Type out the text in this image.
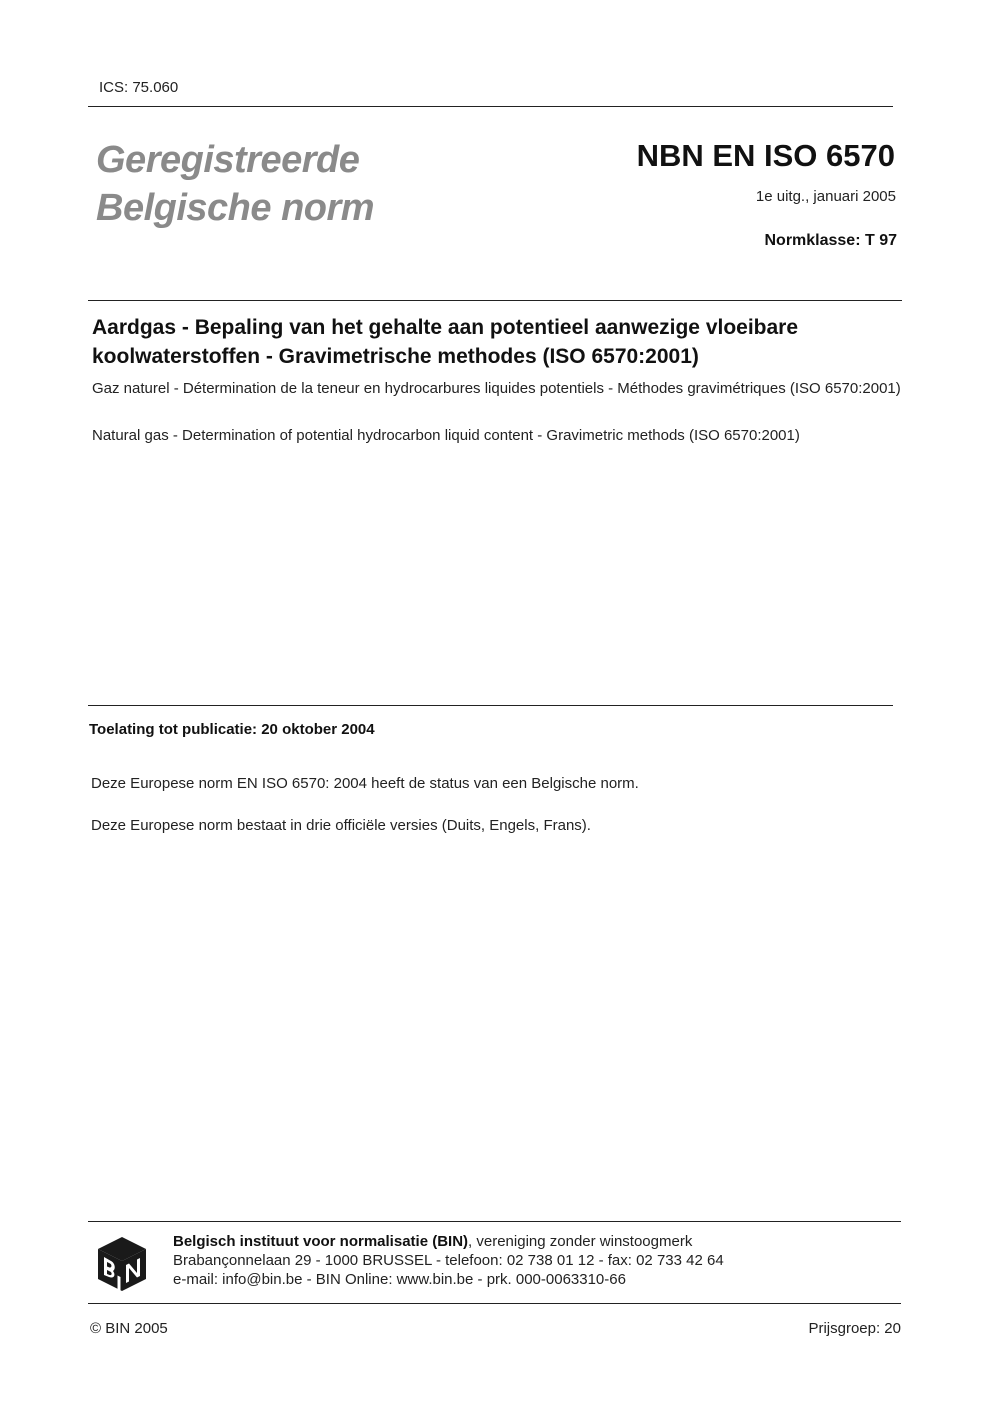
ICS: 75.060
Geregistreerde
Belgische norm
NBN EN ISO 6570
1e uitg., januari 2005
Normklasse: T 97
Aardgas - Bepaling van het gehalte aan potentieel aanwezige vloeibare koolwaterstoffen - Gravimetrische methodes (ISO 6570:2001)
Gaz naturel - Détermination de la teneur en hydrocarbures liquides potentiels - Méthodes gravimétriques (ISO 6570:2001)
Natural gas - Determination of potential hydrocarbon liquid content - Gravimetric methods (ISO 6570:2001)
Toelating tot publicatie: 20 oktober 2004
Deze Europese norm EN ISO 6570: 2004 heeft de status van een Belgische norm.
Deze Europese norm bestaat in drie officiële versies (Duits, Engels, Frans).
Belgisch instituut voor normalisatie (BIN), vereniging zonder winstoogmerk
Brabançonnelaan 29 - 1000 BRUSSEL - telefoon: 02 738 01 12 - fax: 02 733 42 64
e-mail: info@bin.be - BIN Online: www.bin.be - prk. 000-0063310-66
© BIN 2005	Prijsgroep: 20
